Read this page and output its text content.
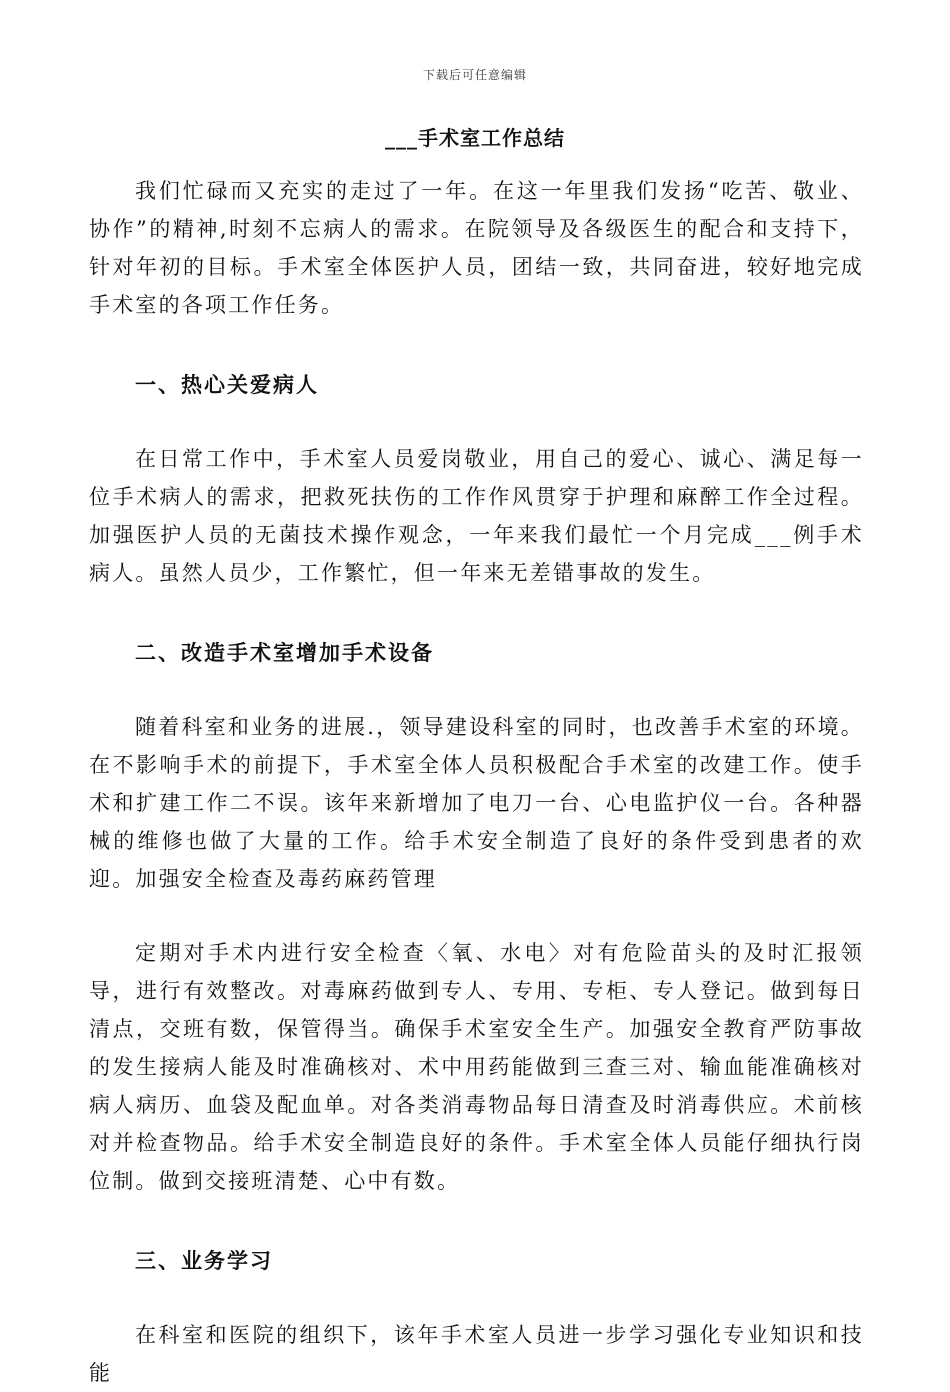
下载后可任意编辑
___手术室工作总结

我们忙碌而又充实的走过了一年。在这一年里我们发扬“吃苦、敬业、协作”的精神,时刻不忘病人的需求。在院领导及各级医生的配合和支持下，针对年初的目标。手术室全体医护人员，团结一致，共同奋进，较好地完成手术室的各项工作任务。

一、热心关爱病人

在日常工作中，手术室人员爱岗敬业，用自己的爱心、诚心、满足每一位手术病人的需求，把救死扶伤的工作作风贯穿于护理和麻醉工作全过程。加强医护人员的无菌技术操作观念，一年来我们最忙一个月完成___例手术病人。虽然人员少，工作繁忙，但一年来无差错事故的发生。

二、改造手术室增加手术设备

随着科室和业务的进展.，领导建设科室的同时，也改善手术室的环境。在不影响手术的前提下，手术室全体人员积极配合手术室的改建工作。使手术和扩建工作二不误。该年来新增加了电刀一台、心电监护仪一台。各种器械的维修也做了大量的工作。给手术安全制造了良好的条件受到患者的欢迎。加强安全检查及毒药麻药管理

定期对手术内进行安全检查〈氧、水电〉对有危险苗头的及时汇报领导，进行有效整改。对毒麻药做到专人、专用、专柜、专人登记。做到每日清点，交班有数，保管得当。确保手术室安全生产。加强安全教育严防事故的发生接病人能及时准确核对、术中用药能做到三查三对、输血能准确核对病人病历、血袋及配血单。对各类消毒物品每日清查及时消毒供应。术前核对并检查物品。给手术安全制造良好的条件。手术室全体人员能仔细执行岗位制。做到交接班清楚、心中有数。

三、业务学习

在科室和医院的组织下，该年手术室人员进一步学习强化专业知识和技能
